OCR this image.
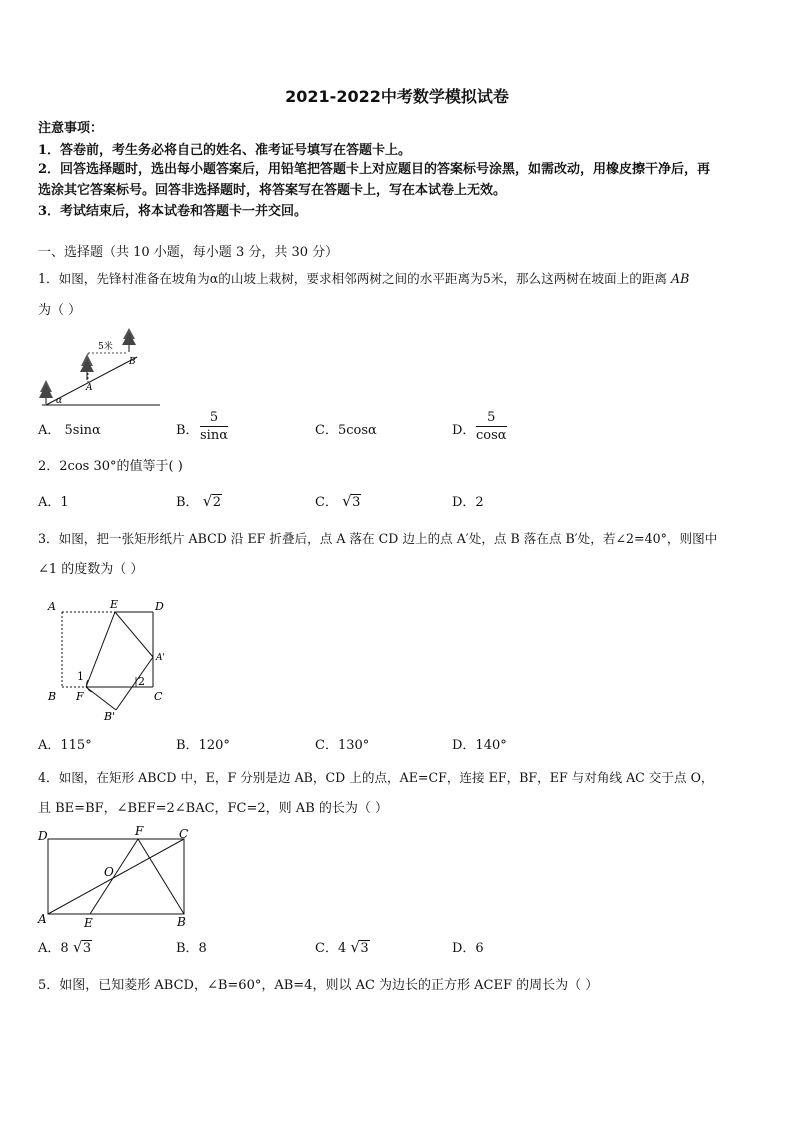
2021-2022中考数学模拟试卷
注意事项：
1．答卷前，考生务必将自己的姓名、准考证号填写在答题卡上。
2．回答选择题时，选出每小题答案后，用铅笔把答题卡上对应题目的答案标号涂黑，如需改动，用橡皮擦干净后，再
选涂其它答案标号。回答非选择题时，将答案写在答题卡上，写在本试卷上无效。
3．考试结束后，将本试卷和答题卡一并交回。
一、选择题（共 10 小题，每小题 3 分，共 30 分）
1．如图，先锋村准备在坡角为α的山坡上栽树，要求相邻两树之间的水平距离为5米，那么这两树在坡面上的距离 AB
为（ ）
5米
A
B
α
A． 5sinα	B． $\frac{5}{\sin\alpha}$	C．5cosα	D． $\frac{5}{\cos\alpha}$
2．2cos 30°的值等于( )
A．1	B． √ 2	C． √ 3	D．2
3．如图，把一张矩形纸片 ABCD 沿 EF 折叠后，点 A 落在 CD 边上的点 A′处，点 B 落在点 B′处，若∠2=40°，则图中
∠1 的度数为（ ）
A	E	D
A'
B F	C
B'
1	2
A．115°	B．120°	C．130°	D．140°
4．如图，在矩形 ABCD 中，E，F 分别是边 AB，CD 上的点，AE=CF，连接 EF，BF，EF 与对角线 AC 交于点 O，
且 BE=BF，∠BEF=2∠BAC，FC=2，则 AB 的长为（ ）
D	F	C
O
A	E	B
A．8 √ 3	B．8	C．4 √ 3	D．6
5．如图，已知菱形 ABCD，∠B=60°，AB=4，则以 AC 为边长的正方形 ACEF 的周长为（ ）
